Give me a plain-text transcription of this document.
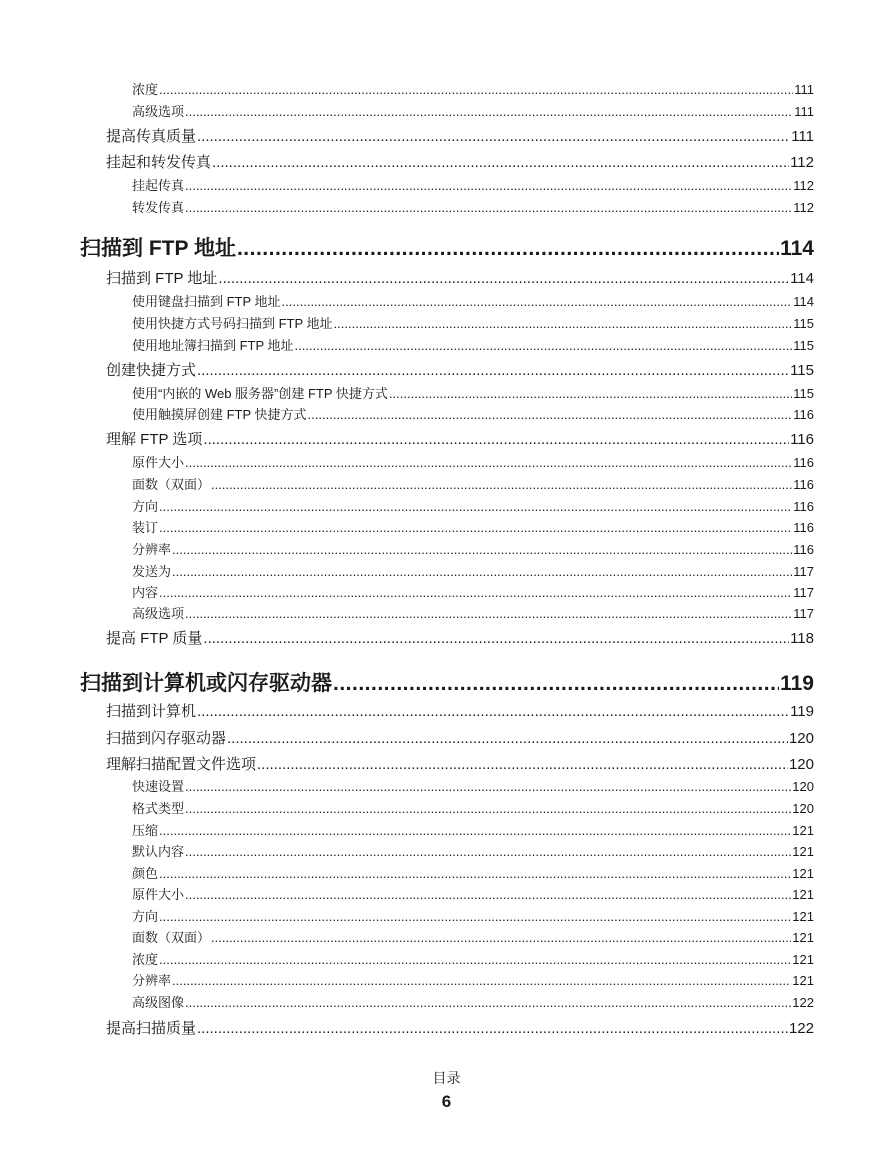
浓度 .....	111
高级选项 .....	111
提高传真质量 .....	111
挂起和转发传真 .....	112
挂起传真 .....	112
转发传真 .....	112
扫描到 FTP 地址 .....	114
扫描到 FTP 地址 .....	114
使用键盘扫描到 FTP 地址 .....	114
使用快捷方式号码扫描到 FTP 地址 .....	115
使用地址簿扫描到 FTP 地址 .....	115
创建快捷方式 .....	115
使用“内嵌的 Web 服务器”创建 FTP 快捷方式 .....	115
使用触摸屏创建 FTP 快捷方式 .....	116
理解 FTP 选项 .....	116
原件大小 .....	116
面数（双面） .....	116
方向 .....	116
装订 .....	116
分辨率 .....	116
发送为 .....	117
内容 .....	117
高级选项 .....	117
提高 FTP 质量 .....	118
扫描到计算机或闪存驱动器 .....	119
扫描到计算机 .....	119
扫描到闪存驱动器 .....	120
理解扫描配置文件选项 .....	120
快速设置 .....	120
格式类型 .....	120
压缩 .....	121
默认内容 .....	121
颜色 .....	121
原件大小 .....	121
方向 .....	121
面数（双面） .....	121
浓度 .....	121
分辨率 .....	121
高级图像 .....	122
提高扫描质量 .....	122
目录
6
